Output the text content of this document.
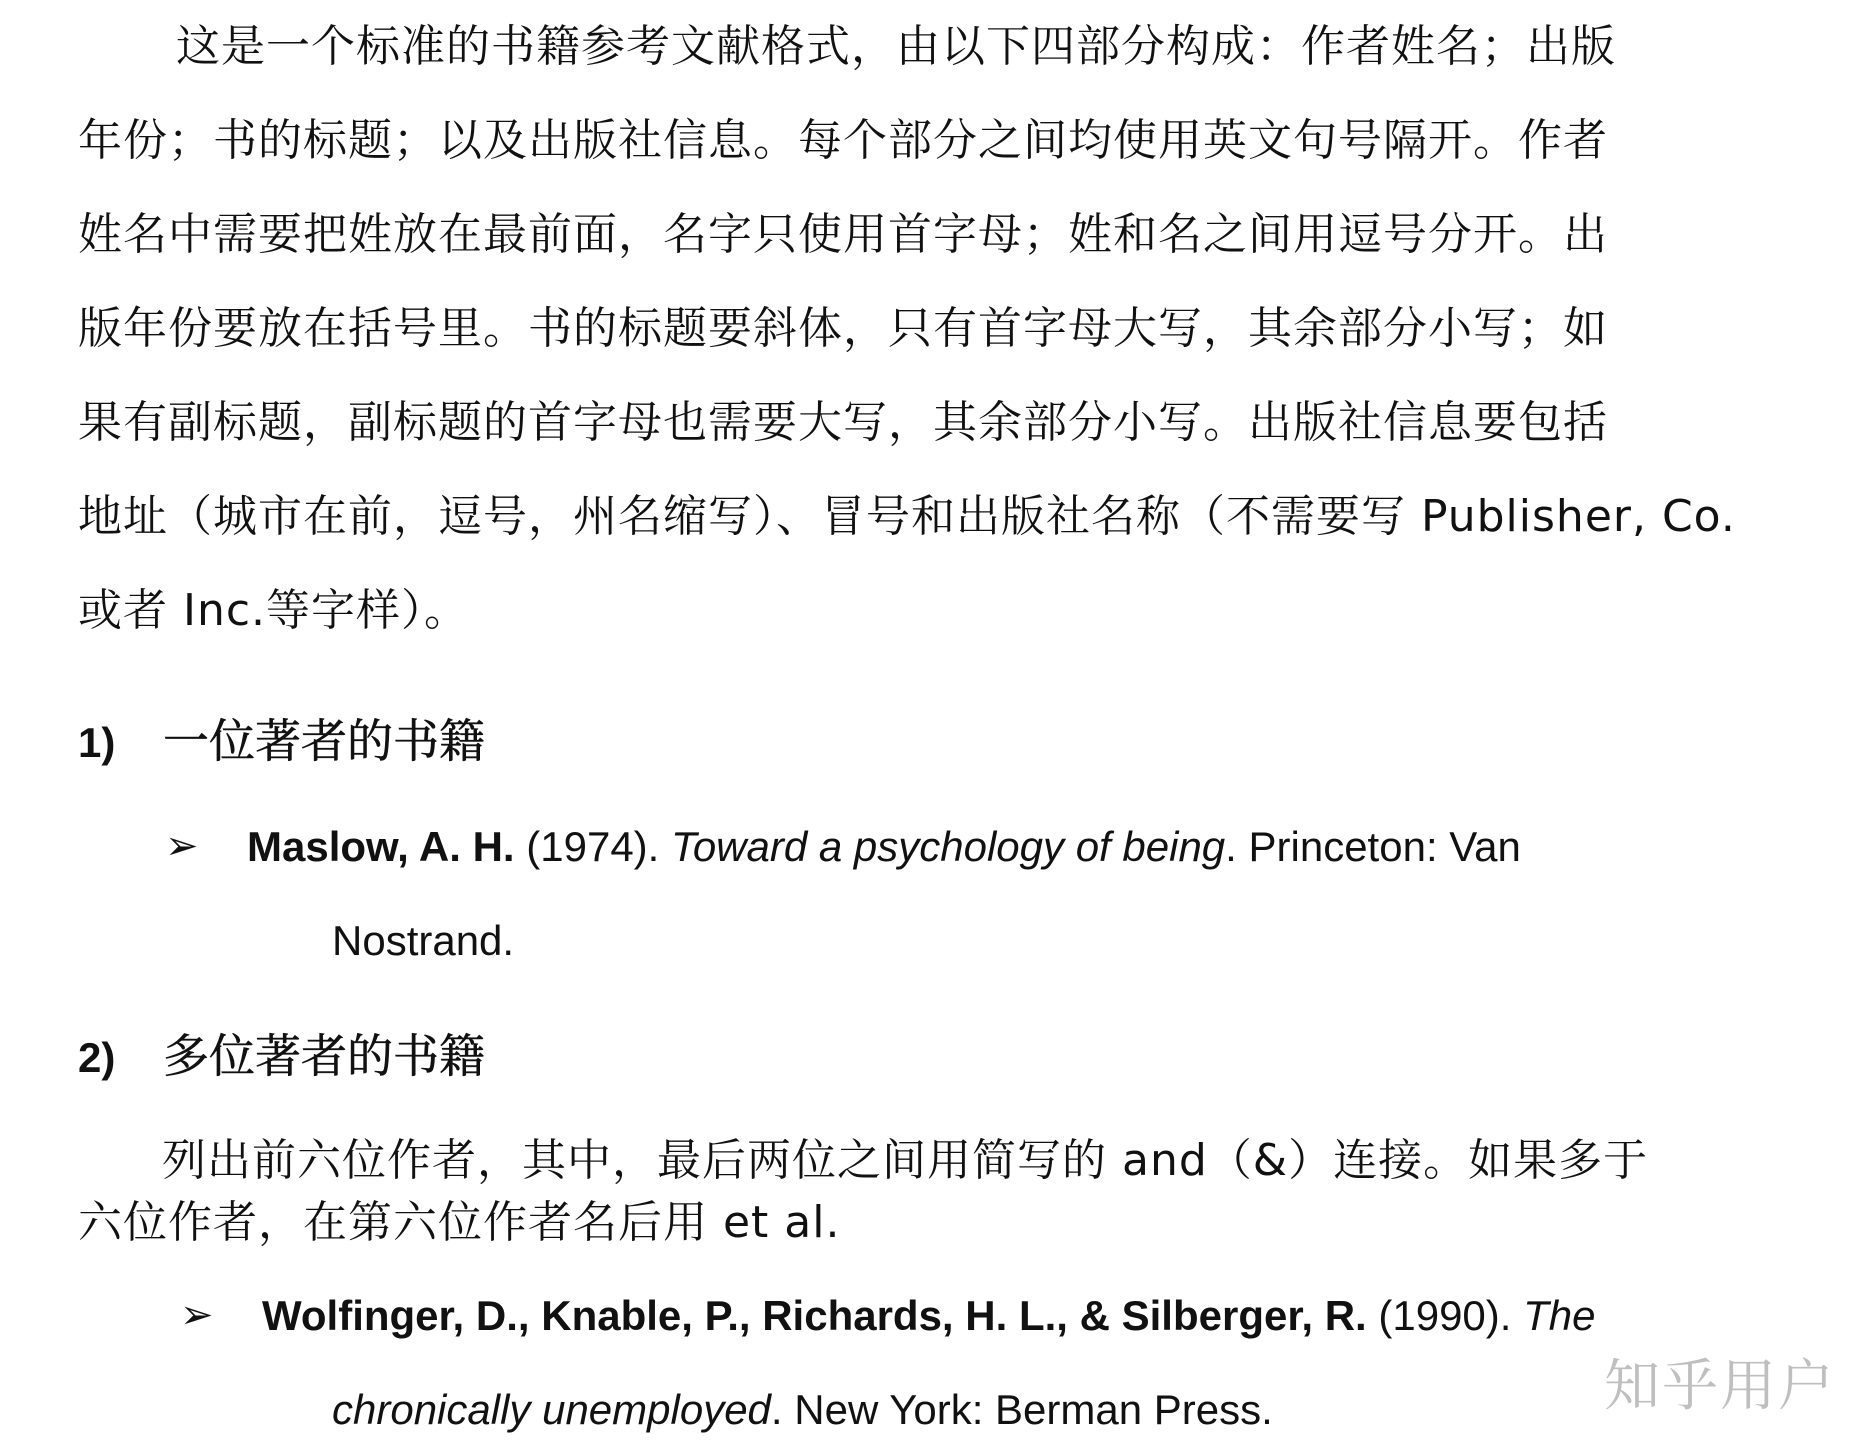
这是一个标准的书籍参考文献格式，由以下四部分构成：作者姓名；出版
年份；书的标题；以及出版社信息。每个部分之间均使用英文句号隔开。作者
姓名中需要把姓放在最前面，名字只使用首字母；姓和名之间用逗号分开。出
版年份要放在括号里。书的标题要斜体，只有首字母大写，其余部分小写；如
果有副标题，副标题的首字母也需要大写，其余部分小写。出版社信息要包括
地址（城市在前，逗号，州名缩写）、冒号和出版社名称（不需要写 Publisher, Co.
或者 Inc.等字样）。
1) 一位著者的书籍
➢ Maslow, A. H. (1974). Toward a psychology of being. Princeton: Van
Nostrand.
2) 多位著者的书籍
列出前六位作者，其中，最后两位之间用简写的 and（&）连接。如果多于
六位作者，在第六位作者名后用 et al.
➢ Wolfinger, D., Knable, P., Richards, H. L., & Silberger, R. (1990). The
chronically unemployed. New York: Berman Press.	知乎用户
